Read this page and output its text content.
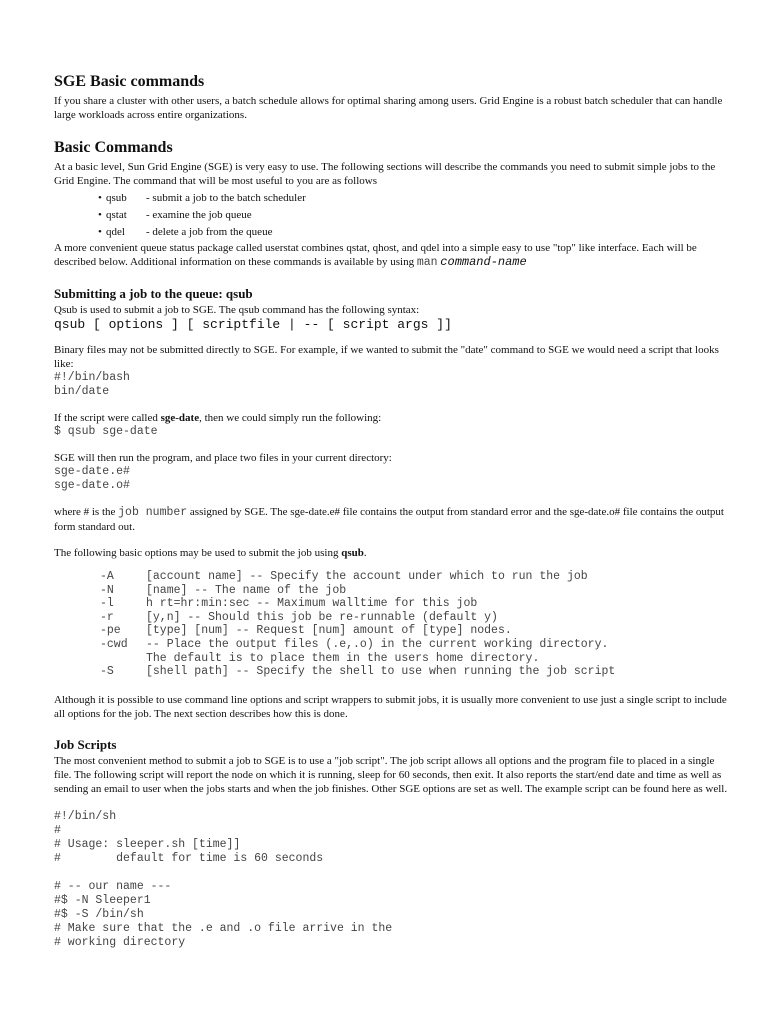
SGE Basic commands

If you share a cluster with other users, a batch schedule allows for optimal sharing among users. Grid Engine is a robust batch scheduler that can handle large workloads across entire organizations.

Basic Commands

At a basic level, Sun Grid Engine (SGE) is very easy to use. The following sections will describe the commands you need to submit simple jobs to the Grid Engine. The command that will be most useful to you are as follows

• qsub	- submit a job to the batch scheduler
• qstat	- examine the job queue
• qdel	- delete a job from the queue

A more convenient queue status package called userstat combines qstat, qhost, and qdel into a simple easy to use "top" like interface. Each will be described below. Additional information on these commands is available by using man command-name

Submitting a job to the queue: qsub

Qsub is used to submit a job to SGE. The qsub command has the following syntax:

qsub [ options ] [ scriptfile | -- [ script args ]]

Binary files may not be submitted directly to SGE. For example, if we wanted to submit the "date" command to SGE we would need a script that looks like:

#!/bin/bash
bin/date

If the script were called sge-date, then we could simply run the following:

$ qsub sge-date

SGE will then run the program, and place two files in your current directory:

sge-date.e#
sge-date.o#

where # is the job number assigned by SGE. The sge-date.e# file contains the output from standard error and the sge-date.o# file contains the output form standard out.

The following basic options may be used to submit the job using qsub.

-A	[account name] -- Specify the account under which to run the job
-N	[name] -- The name of the job
-l	h rt=hr:min:sec -- Maximum walltime for this job
-r	[y,n] -- Should this job be re-runnable (default y)
-pe	[type] [num] -- Request [num] amount of [type] nodes.
-cwd	-- Place the output files (.e,.o) in the current working directory.
The default is to place them in the users home directory.
-S	[shell path] -- Specify the shell to use when running the job script

Although it is possible to use command line options and script wrappers to submit jobs, it is usually more convenient to use just a single script to include all options for the job. The next section describes how this is done.

Job Scripts

The most convenient method to submit a job to SGE is to use a "job script". The job script allows all options and the program file to placed in a single file. The following script will report the node on which it is running, sleep for 60 seconds, then exit. It also reports the start/end date and time as well as sending an email to user when the jobs starts and when the job finishes. Other SGE options are set as well. The example script can be found here as well.

#!/bin/sh
#
# Usage: sleeper.sh [time]]
#        default for time is 60 seconds
# -- our name ---
#$ -N Sleeper1
#$ -S /bin/sh
# Make sure that the .e and .o file arrive in the
# working directory
